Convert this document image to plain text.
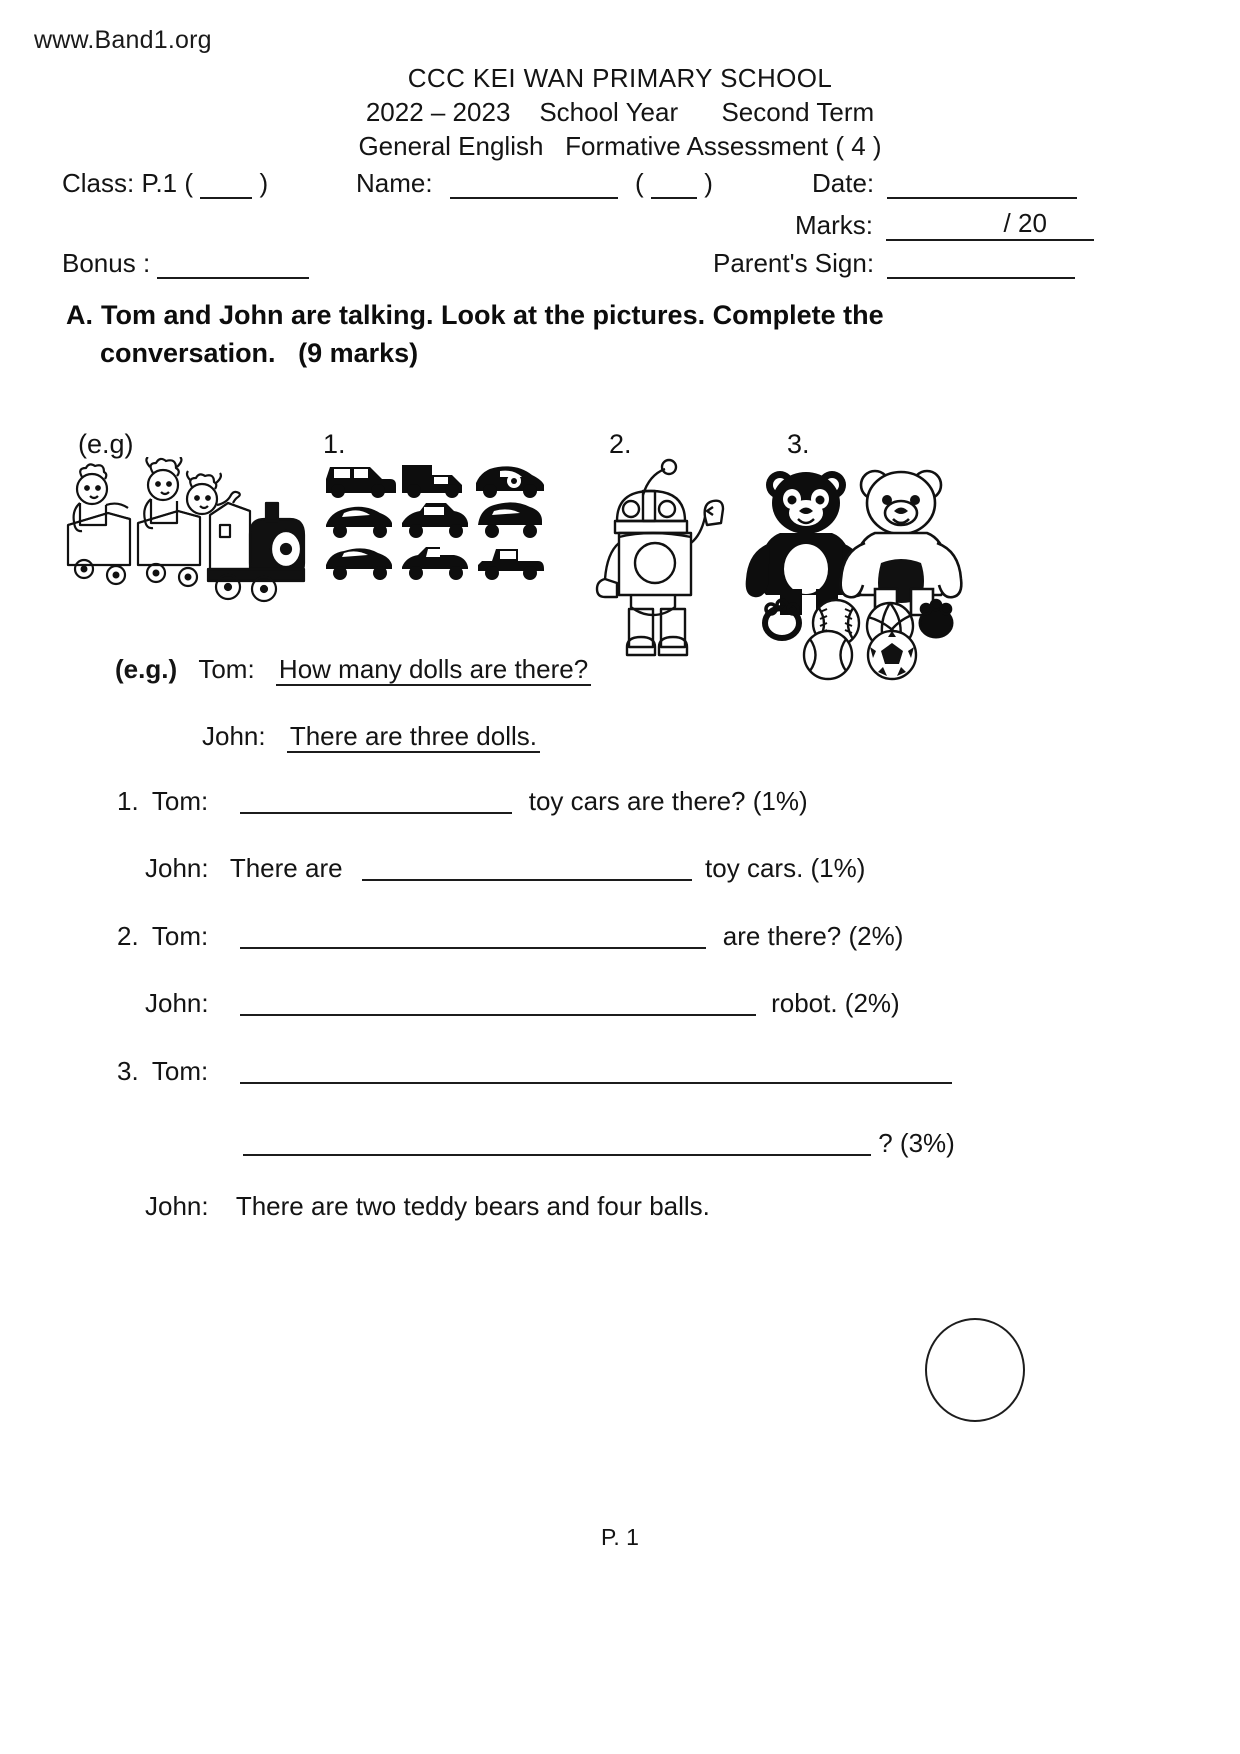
www.Band1.org
CCC KEI WAN PRIMARY SCHOOL
2022 – 2023 School Year Second Term
General English Formative Assessment ( 4 )
Class: P.1 (	)	Name:	( )	Date:
Marks:	/ 20
Bonus :	Parent's Sign:
A. Tom and John are talking. Look at the pictures. Complete the
conversation. (9 marks)
(e.g)	1.	2.	3.
(e.g.) Tom: How many dolls are there?
John: There are three dolls.
1. Tom:	toy cars are there? (1%)
John: There are	toy cars. (1%)
2. Tom:	are there? (2%)
John:	robot. (2%)
3. Tom:
? (3%)
John: There are two teddy bears and four balls.
P. 1
